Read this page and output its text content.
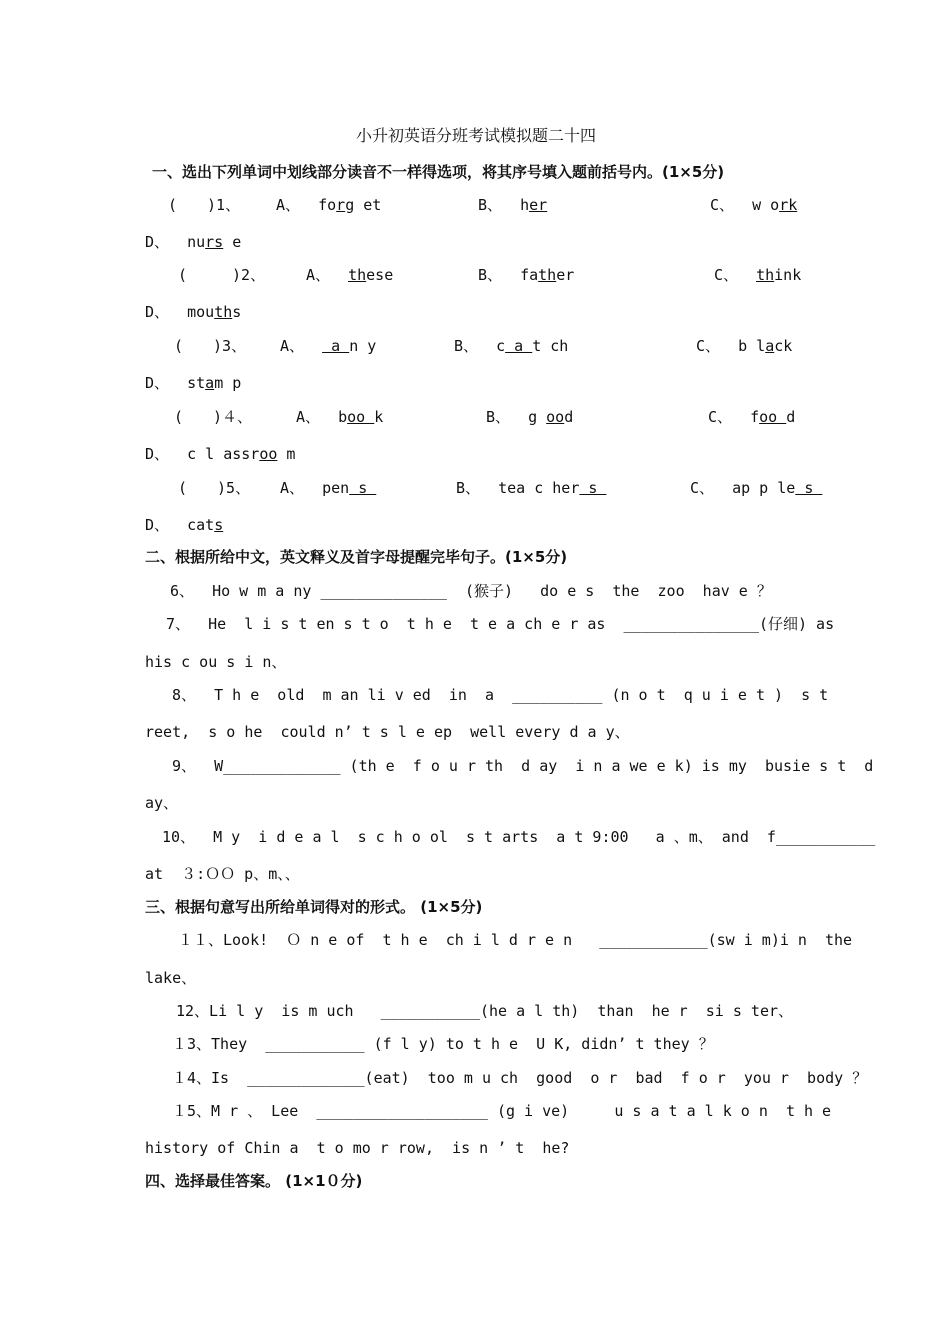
小升初英语分班考试模拟题二十四
一、选出下列单词中划线部分读音不一样得选项，将其序号填入题前括号内。(1×5分)
(　　)1、 A、 forg et	B、 her	C、 w ork
D、 nurs e
(　　　)2、	A、 these	B、 father	C、 think
D、 mouths
(　　)3、 A、   a n y	B、 c a t ch	C、 b lack
D、 stam p
(　　)４、	A、 boo k	B、 g ood	C、 foo d
D、 c l assroo m
(　　)5、 A、 pen s	B、 tea c her s	C、 ap p le s
D、 cats
二、根据所给中文，英文释义及首字母提醒完毕句子。(1×5分)
6、  Ho w m a ny ______________  (猴子)   do e s  the  zoo  hav e ？
7、  He  l i s t en s t o  t h e  t e a ch e r as  _______________(仔细) as
his c ou s i n、
8、  T h e  old  m an li v ed  in  a  __________ (n o t  q u i e t )  s t
reet,  s o he  could n’ t s l e ep  well every d a y、
9、  W_____________ (th e  f o u r th  d ay  i n a we e k) is my  busie s t  d
ay、
10、  M y  i d e a l  s c h o ol  s t arts  a t 9:00   a 、m、 and  f___________
at  ３:ＯＯ p、m、、
三、根据句意写出所给单词得对的形式。 (1×5分)
１１、Look!  Ｏ n e of  t h e  ch i l d r e n   ____________(sw i m)i n  the
lake、
12、Li l y  is m uch   ___________(he a l th)  than  he r  si s ter、
１3、They  ___________ (f l y) to t h e  U K, didn’ t they ？
１4、Is  _____________(eat)  too m u ch  good  o r  bad  f o r  you r  body ？
１5、M r 、 Lee  ___________________ (g i ve)     u s a t a l k o n  t h e
history of Chin a  t o mo r row,  is n ’ t  he?
四、选择最佳答案。 (1×1０分)
